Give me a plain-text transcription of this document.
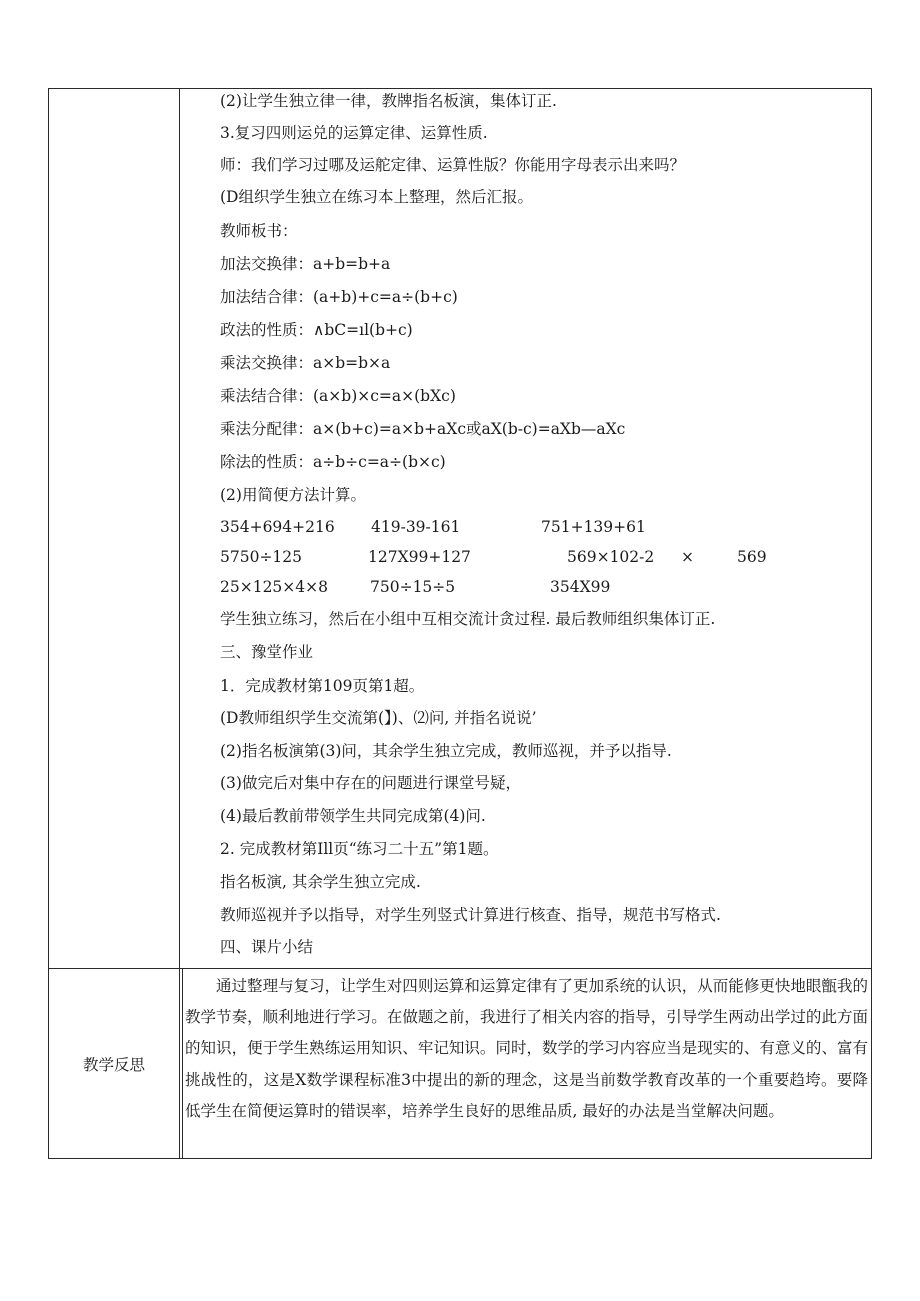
(2)让学生独立律一律，教牌指名板演，集体订正.
3.复习四则运兑的运算定律、运算性质.
师：我们学习过哪及运舵定律、运算性版？你能用字母表示出来吗？
(D组织学生独立在练习本上整理，然后汇报。
教师板书：
加法交换律：a+b=b+a
加法结合律：(a+b)+c=a÷(b+c)
政法的性质：∧bC=ıl(b+c)
乘法交换律：a×b=b×a
乘法结合律：(a×b)×c=a×(bXc)
乘法分配律：a×(b+c)=a×b+aXc或aX(b-c)=aXb—aXc
除法的性质：a÷b÷c=a÷(b×c)
(2)用简便方法计算。
354+694+216 419-39-161	751+139+61
5750÷125	127X99+127	569×102-2 ×	569
25×125×4×8	750÷15÷5	354X99
学生独立练习，然后在小组中互相交流计贪过程. 最后教师组织集体订正.
三、豫堂作业
1．完成教材第109页第1超。
(D教师组织学生交流第(】)、⑵问, 并指名说说’
(2)指名板演第(3)问，其余学生独立完成，教师巡视，并予以指导.
(3)做完后对集中存在的问题进行课堂号疑，
(4)最后教前带领学生共同完成第(4)问.
2. 完成教材第Ill页“练习二十五”第1题。
指名板演, 其余学生独立完成.
教师巡视并予以指导，对学生列竖式计算进行核查、指导，规范书写格式.
四、课片小结
教学反思
通过整理与复习，让学生对四则运算和运算定律有了更加系统的认识，从而能修更快地眼甑我的教学节奏，顺利地进行学习。在做题之前，我进行了相关内容的指导，引导学生两动出学过的此方面的知识，便于学生熟练运用知识、牢记知识。同时，数学的学习内容应当是现实的、有意义的、富有挑战性的，这是X数学课程标准3中提出的新的理念，这是当前数学教育改革的一个重要趋垮。要降低学生在简便运算时的错误率，培养学生良好的思维品质, 最好的办法是当堂解决问题。
